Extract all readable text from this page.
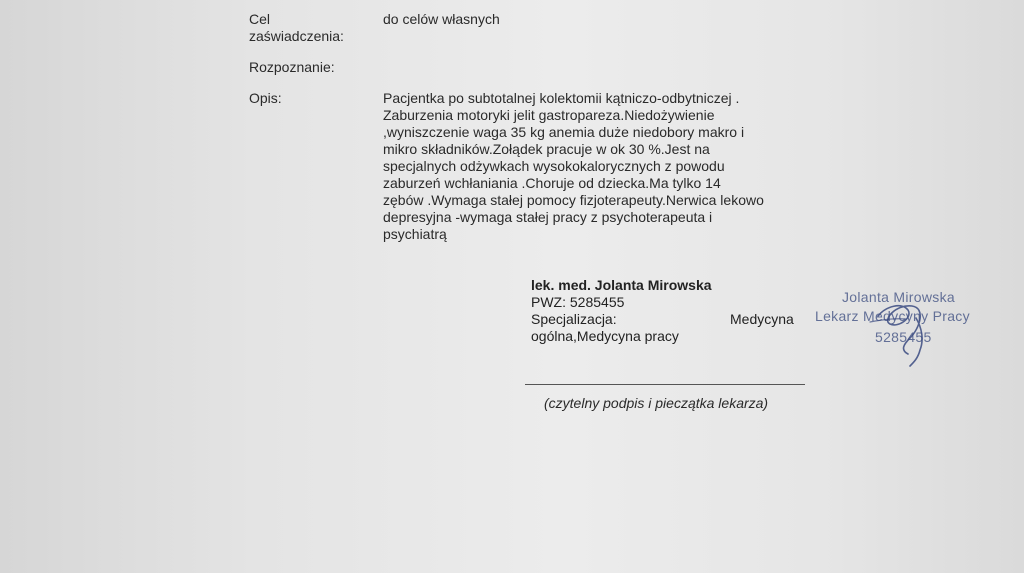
Cel
zaświadczenia:
do celów własnych
Rozpoznanie:
Opis:	Pacjentka po subtotalnej kolektomii kątniczo-odbytniczej .
Zaburzenia motoryki jelit gastropareza.Niedożywienie
,wyniszczenie waga 35 kg anemia duże niedobory makro i
mikro składników.Zołądek pracuje w ok 30 %.Jest na
specjalnych odżywkach wysokokalorycznych z powodu
zaburzeń wchłaniania .Choruje od dziecka.Ma tylko 14
zębów .Wymaga stałej pomocy fizjoterapeuty.Nerwica lekowo
depresyjna -wymaga stałej pracy z psychoterapeuta i
psychiatrą
lek. med. Jolanta Mirowska
PWZ: 5285455
Specjalizacja:
ogólna,Medycyna pracy
Medycyna
Jolanta Mirowska
Lekarz Medycyny Pracy
5285455
(czytelny podpis i pieczątka lekarza)
